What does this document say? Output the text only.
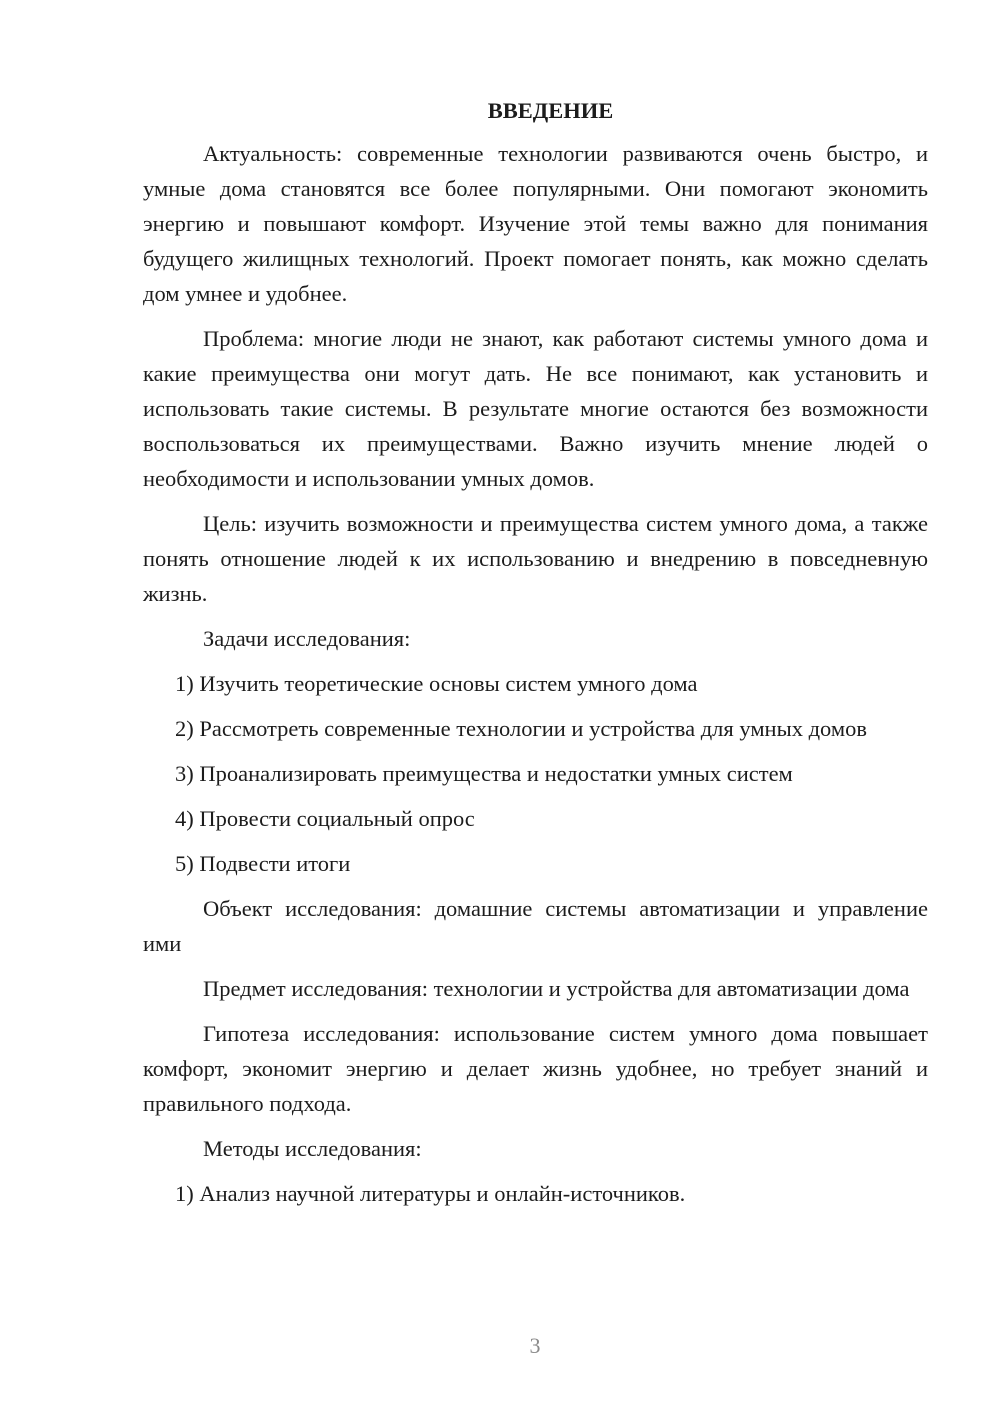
ВВЕДЕНИЕ

Актуальность: современные технологии развиваются очень быстро, и умные дома становятся все более популярными. Они помогают экономить энергию и повышают комфорт. Изучение этой темы важно для понимания будущего жилищных технологий. Проект помогает понять, как можно сделать дом умнее и удобнее.

Проблема: многие люди не знают, как работают системы умного дома и какие преимущества они могут дать. Не все понимают, как установить и использовать такие системы. В результате многие остаются без возможности воспользоваться их преимуществами. Важно изучить мнение людей о необходимости и использовании умных домов.

Цель: изучить возможности и преимущества систем умного дома, а также понять отношение людей к их использованию и внедрению в повседневную жизнь.

Задачи исследования:

1) Изучить теоретические основы систем умного дома

2) Рассмотреть современные технологии и устройства для умных домов

3) Проанализировать преимущества и недостатки умных систем

4) Провести социальный опрос

5) Подвести итоги

Объект исследования: домашние системы автоматизации и управление ими

Предмет исследования: технологии и устройства для автоматизации дома

Гипотеза исследования: использование систем умного дома повышает комфорт, экономит энергию и делает жизнь удобнее, но требует знаний и правильного подхода.

Методы исследования:

1) Анализ научной литературы и онлайн-источников.

3
